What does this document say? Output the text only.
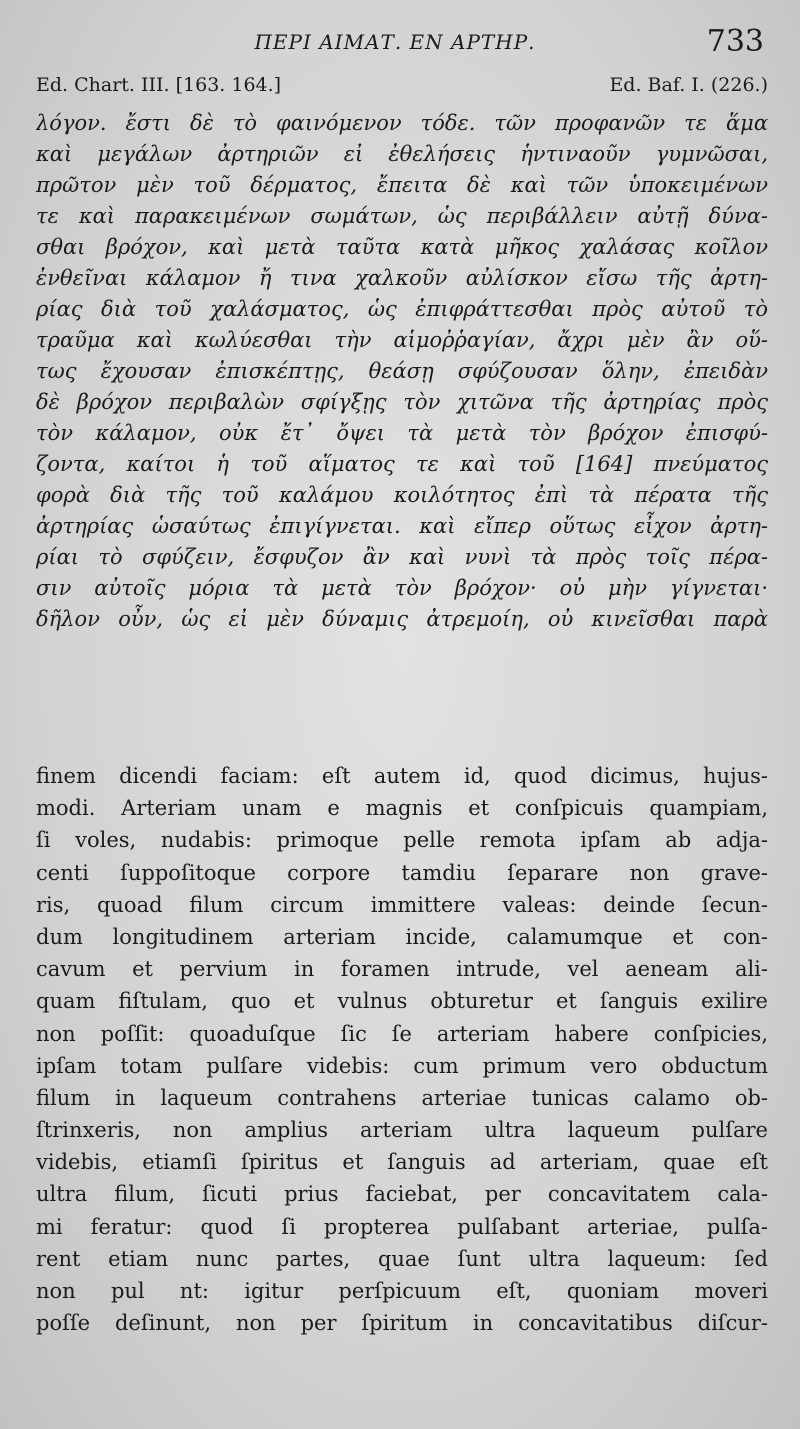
ΠΕΡΙ ΑΙΜΑΤ. ΕΝ ΑΡΤΗΡ.	733
Ed. Chart. III. [163. 164.]	Ed. Baf. I. (226.)
λόγον. ἔστι δὲ τὸ φαινόμενον τόδε. τῶν προφανῶν τε ἅμα
καὶ μεγάλων ἀρτηριῶν εἰ ἐθελήσεις ἡντιναοῦν γυμνῶσαι,
πρῶτον μὲν τοῦ δέρματος, ἔπειτα δὲ καὶ τῶν ὑποκειμένων
τε καὶ παρακειμένων σωμάτων, ὡς περιβάλλειν αὐτῇ δύνα-
σθαι βρόχον, καὶ μετὰ ταῦτα κατὰ μῆκος χαλάσας κοῖλον
ἐνθεῖναι κάλαμον ἤ τινα χαλκοῦν αὐλίσκον εἴσω τῆς ἀρτη-
ρίας διὰ τοῦ χαλάσματος, ὡς ἐπιφράττεσθαι πρὸς αὐτοῦ τὸ
τραῦμα καὶ κωλύεσθαι τὴν αἱμοῤῥαγίαν, ἄχρι μὲν ἂν οὕ-
τως ἔχουσαν ἐπισκέπτῃς, θεάσῃ σφύζουσαν ὅλην, ἐπειδὰν
δὲ βρόχον περιβαλὼν σφίγξῃς τὸν χιτῶνα τῆς ἀρτηρίας πρὸς
τὸν κάλαμον, οὐκ ἔτ᾽ ὄψει τὰ μετὰ τὸν βρόχον ἐπισφύ-
ζοντα, καίτοι ἡ τοῦ αἵματος τε καὶ τοῦ [164] πνεύματος
φορὰ διὰ τῆς τοῦ καλάμου κοιλότητος ἐπὶ τὰ πέρατα τῆς
ἀρτηρίας ὡσαύτως ἐπιγίγνεται. καὶ εἴπερ οὕτως εἶχον ἀρτη-
ρίαι τὸ σφύζειν, ἔσφυζον ἂν καὶ νυνὶ τὰ πρὸς τοῖς πέρα-
σιν αὐτοῖς μόρια τὰ μετὰ τὸν βρόχον· οὐ μὴν γίγνεται·
δῆλον οὖν, ὡς εἰ μὲν δύναμις ἀτρεμοίη, οὐ κινεῖσθαι παρὰ
finem dicendi faciam: eſt autem id, quod dicimus, hujus-
modi. Arteriam unam e magnis et conſpicuis quampiam,
ſi voles, nudabis: primoque pelle remota ipſam ab adja-
centi ſuppoſitoque corpore tamdiu ſeparare non grave-
ris, quoad filum circum immittere valeas: deinde ſecun-
dum longitudinem arteriam incide, calamumque et con-
cavum et pervium in foramen intrude, vel aeneam ali-
quam fiſtulam, quo et vulnus obturetur et ſanguis exilire
non poſſit: quoaduſque ſic ſe arteriam habere conſpicies,
ipſam totam pulſare videbis: cum primum vero obductum
filum in laqueum contrahens arteriae tunicas calamo ob-
ſtrinxeris, non amplius arteriam ultra laqueum pulſare
videbis, etiamſi ſpiritus et ſanguis ad arteriam, quae eſt
ultra filum, ſicuti prius faciebat, per concavitatem cala-
mi feratur: quod ſi propterea pulſabant arteriae, pulſa-
rent etiam nunc partes, quae ſunt ultra laqueum: ſed
non pul nt: igitur perſpicuum eſt, quoniam moveri
poſſe deſinunt, non per ſpiritum in concavitatibus diſcur-
